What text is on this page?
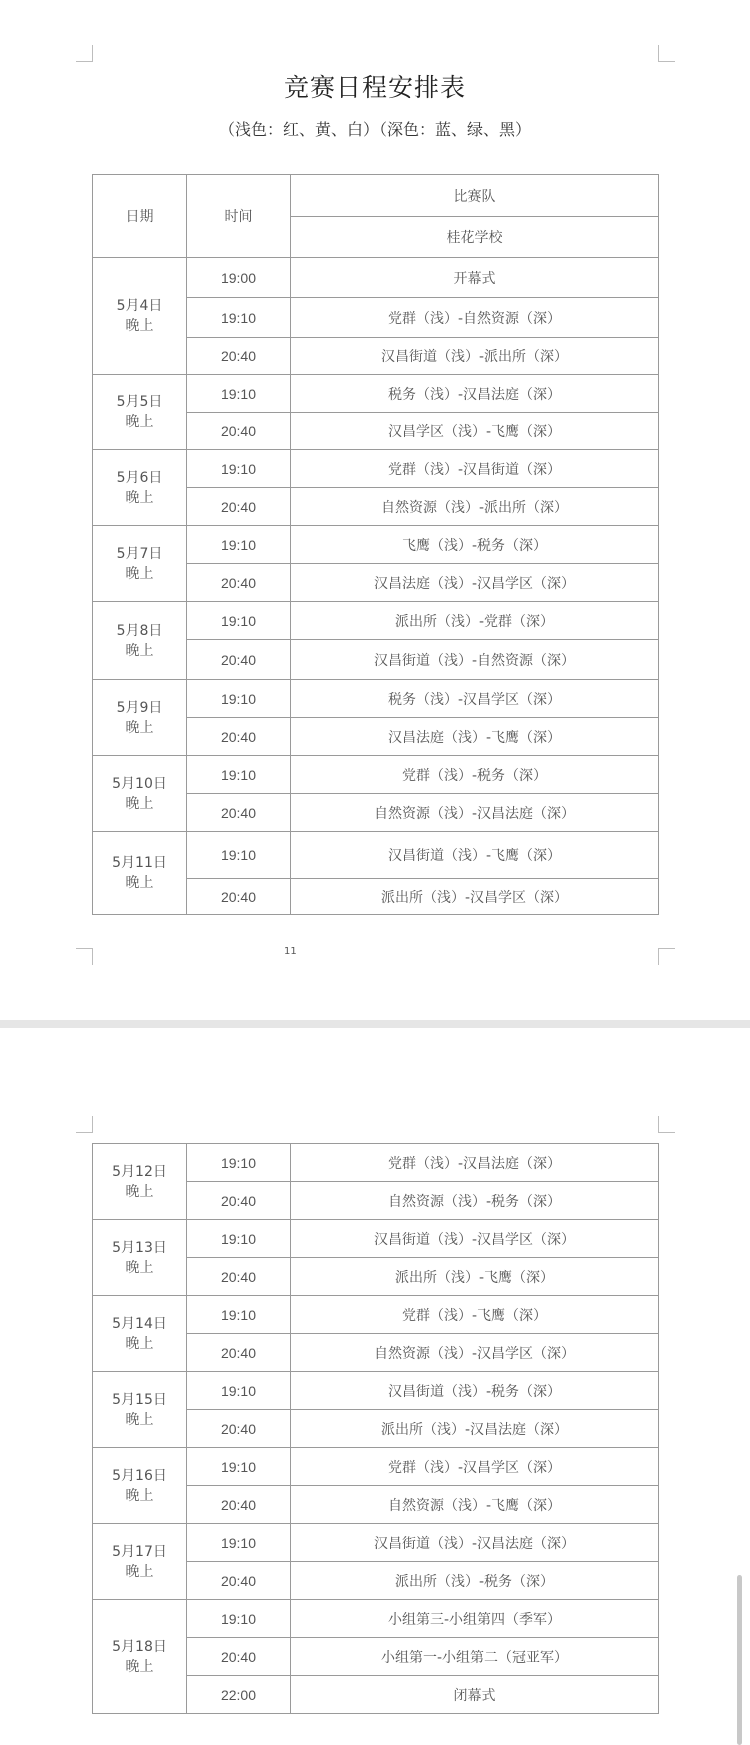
竞赛日程安排表
（浅色：红、黄、白）（深色：蓝、绿、黑）
日期	时间	比赛队
		桂花学校

5月4日
晚上	19:00	开幕式
	19:10	党群（浅）-自然资源（深）
	20:40	汉昌街道（浅）-派出所（深）

5月5日
晚上	19:10	税务（浅）-汉昌法庭（深）
	20:40	汉昌学区（浅）-飞鹰（深）

5月6日
晚上	19:10	党群（浅）-汉昌街道（深）
	20:40	自然资源（浅）-派出所（深）

5月7日
晚上	19:10	飞鹰（浅）-税务（深）
	20:40	汉昌法庭（浅）-汉昌学区（深）

5月8日
晚上	19:10	派出所（浅）-党群（深）
	20:40	汉昌街道（浅）-自然资源（深）

5月9日
晚上	19:10	税务（浅）-汉昌学区（深）
	20:40	汉昌法庭（浅）-飞鹰（深）

5月10日
晚上	19:10	党群（浅）-税务（深）
	20:40	自然资源（浅）-汉昌法庭（深）

5月11日
晚上	19:10	汉昌街道（浅）-飞鹰（深）
	20:40	派出所（浅）-汉昌学区（深）
11
5月12日
晚上	19:10	党群（浅）-汉昌法庭（深）
	20:40	自然资源（浅）-税务（深）

5月13日
晚上	19:10	汉昌街道（浅）-汉昌学区（深）
	20:40	派出所（浅）-飞鹰（深）

5月14日
晚上	19:10	党群（浅）-飞鹰（深）
	20:40	自然资源（浅）-汉昌学区（深）

5月15日
晚上	19:10	汉昌街道（浅）-税务（深）
	20:40	派出所（浅）-汉昌法庭（深）

5月16日
晚上	19:10	党群（浅）-汉昌学区（深）
	20:40	自然资源（浅）-飞鹰（深）

5月17日
晚上	19:10	汉昌街道（浅）-汉昌法庭（深）
	20:40	派出所（浅）-税务（深）

5月18日
晚上	19:10	小组第三-小组第四（季军）
	20:40	小组第一-小组第二（冠亚军）
	22:00	闭幕式
